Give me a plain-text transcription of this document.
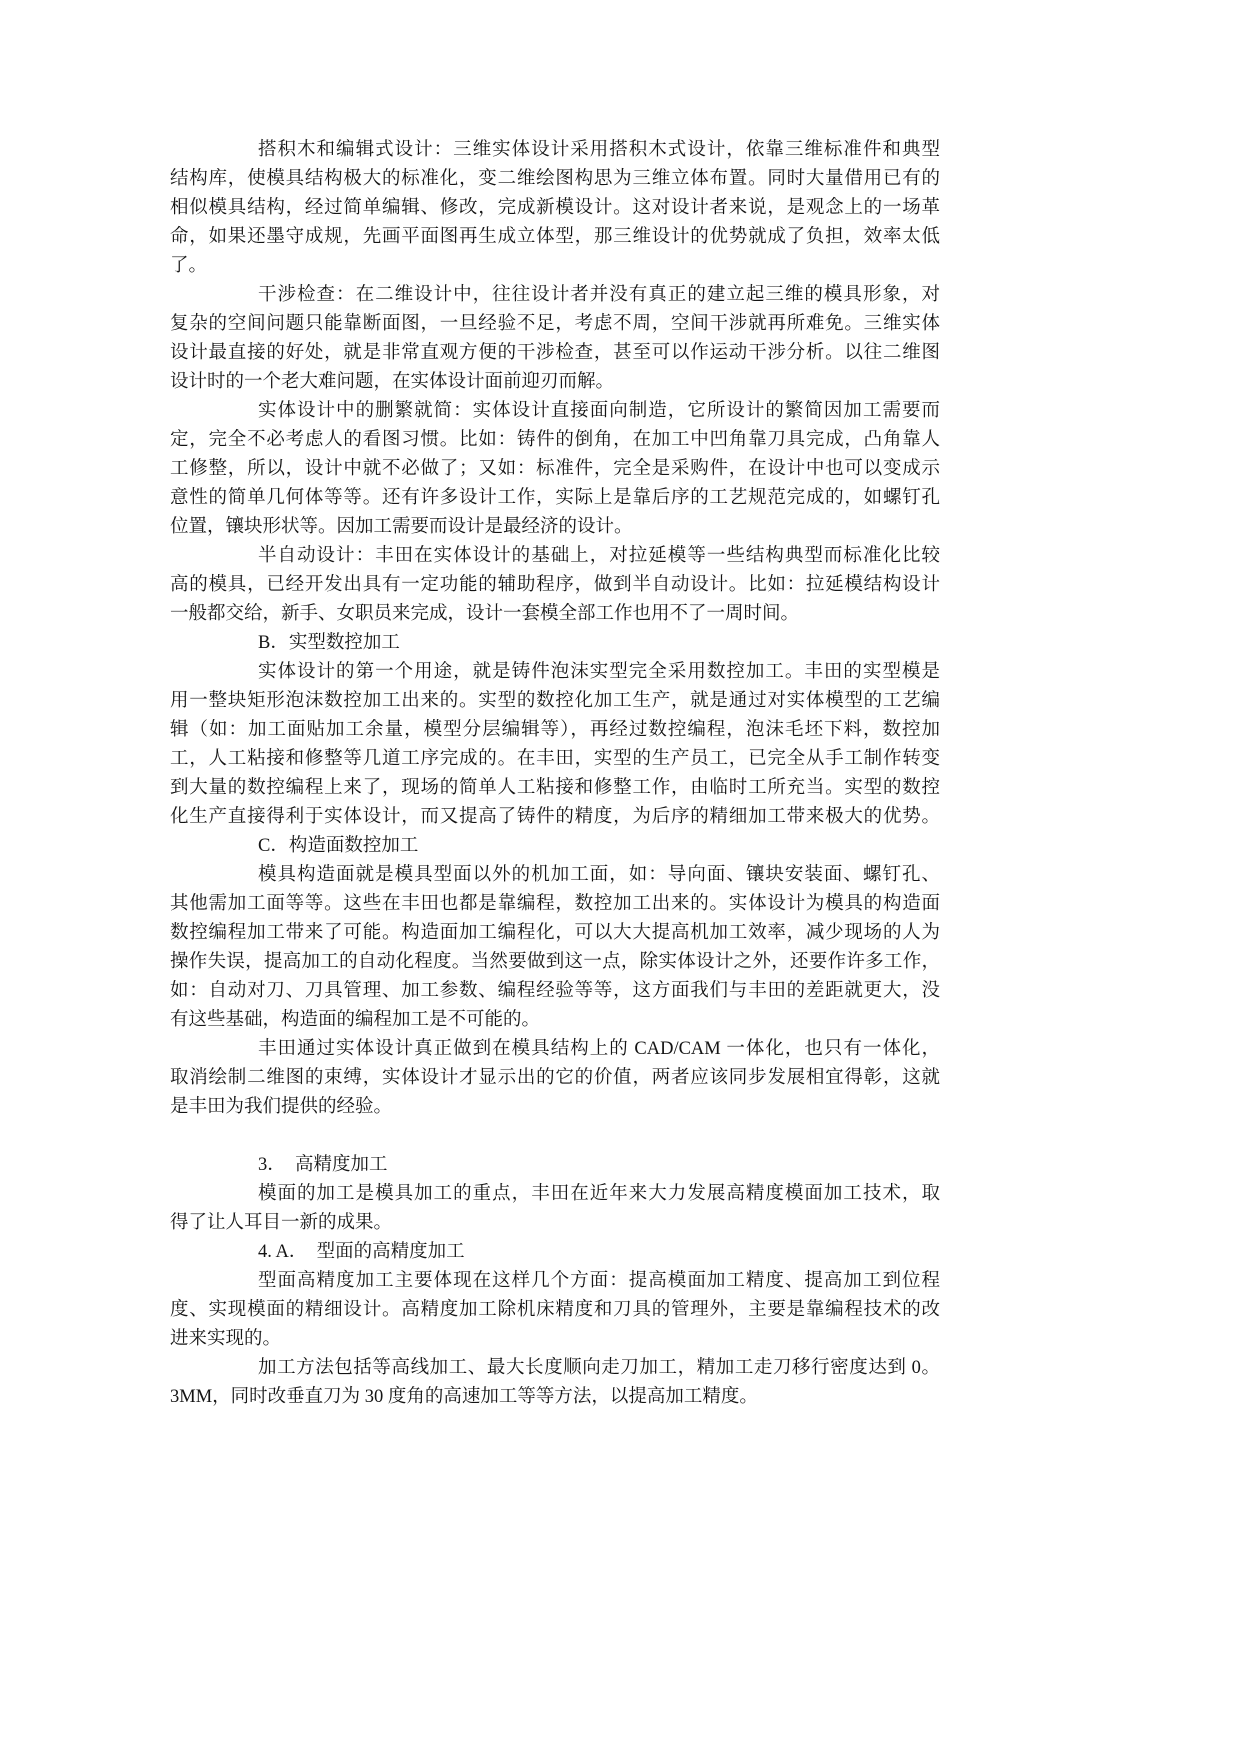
搭积木和编辑式设计：三维实体设计采用搭积木式设计，依靠三维标准件和典型
结构库，使模具结构极大的标准化，变二维绘图构思为三维立体布置。同时大量借用已有的
相似模具结构，经过简单编辑、修改，完成新模设计。这对设计者来说，是观念上的一场革
命，如果还墨守成规，先画平面图再生成立体型，那三维设计的优势就成了负担，效率太低
了。
干涉检查：在二维设计中，往往设计者并没有真正的建立起三维的模具形象，对
复杂的空间问题只能靠断面图，一旦经验不足，考虑不周，空间干涉就再所难免。三维实体
设计最直接的好处，就是非常直观方便的干涉检查，甚至可以作运动干涉分析。以往二维图
设计时的一个老大难问题，在实体设计面前迎刃而解。
实体设计中的删繁就简：实体设计直接面向制造，它所设计的繁简因加工需要而
定，完全不必考虑人的看图习惯。比如：铸件的倒角，在加工中凹角靠刀具完成，凸角靠人
工修整，所以，设计中就不必做了；又如：标准件，完全是采购件，在设计中也可以变成示
意性的简单几何体等等。还有许多设计工作，实际上是靠后序的工艺规范完成的，如螺钉孔
位置，镶块形状等。因加工需要而设计是最经济的设计。
半自动设计：丰田在实体设计的基础上，对拉延模等一些结构典型而标准化比较
高的模具，已经开发出具有一定功能的辅助程序，做到半自动设计。比如：拉延模结构设计
一般都交给，新手、女职员来完成，设计一套模全部工作也用不了一周时间。
B．实型数控加工
实体设计的第一个用途，就是铸件泡沫实型完全采用数控加工。丰田的实型模是
用一整块矩形泡沫数控加工出来的。实型的数控化加工生产，就是通过对实体模型的工艺编
辑（如：加工面贴加工余量，模型分层编辑等），再经过数控编程，泡沫毛坯下料，数控加
工，人工粘接和修整等几道工序完成的。在丰田，实型的生产员工，已完全从手工制作转变
到大量的数控编程上来了，现场的简单人工粘接和修整工作，由临时工所充当。实型的数控
化生产直接得利于实体设计，而又提高了铸件的精度，为后序的精细加工带来极大的优势。
C．构造面数控加工
模具构造面就是模具型面以外的机加工面，如：导向面、镶块安装面、螺钉孔、
其他需加工面等等。这些在丰田也都是靠编程，数控加工出来的。实体设计为模具的构造面
数控编程加工带来了可能。构造面加工编程化，可以大大提高机加工效率，减少现场的人为
操作失误，提高加工的自动化程度。当然要做到这一点，除实体设计之外，还要作许多工作，
如：自动对刀、刀具管理、加工参数、编程经验等等，这方面我们与丰田的差距就更大，没
有这些基础，构造面的编程加工是不可能的。
丰田通过实体设计真正做到在模具结构上的 CAD/CAM 一体化，也只有一体化，
取消绘制二维图的束缚，实体设计才显示出的它的价值，两者应该同步发展相宜得彰，这就
是丰田为我们提供的经验。
3．  高精度加工
模面的加工是模具加工的重点，丰田在近年来大力发展高精度模面加工技术，取
得了让人耳目一新的成果。
4. A．  型面的高精度加工
型面高精度加工主要体现在这样几个方面：提高模面加工精度、提高加工到位程
度、实现模面的精细设计。高精度加工除机床精度和刀具的管理外，主要是靠编程技术的改
进来实现的。
加工方法包括等高线加工、最大长度顺向走刀加工，精加工走刀移行密度达到 0。
3MM，同时改垂直刀为 30 度角的高速加工等等方法，以提高加工精度。
